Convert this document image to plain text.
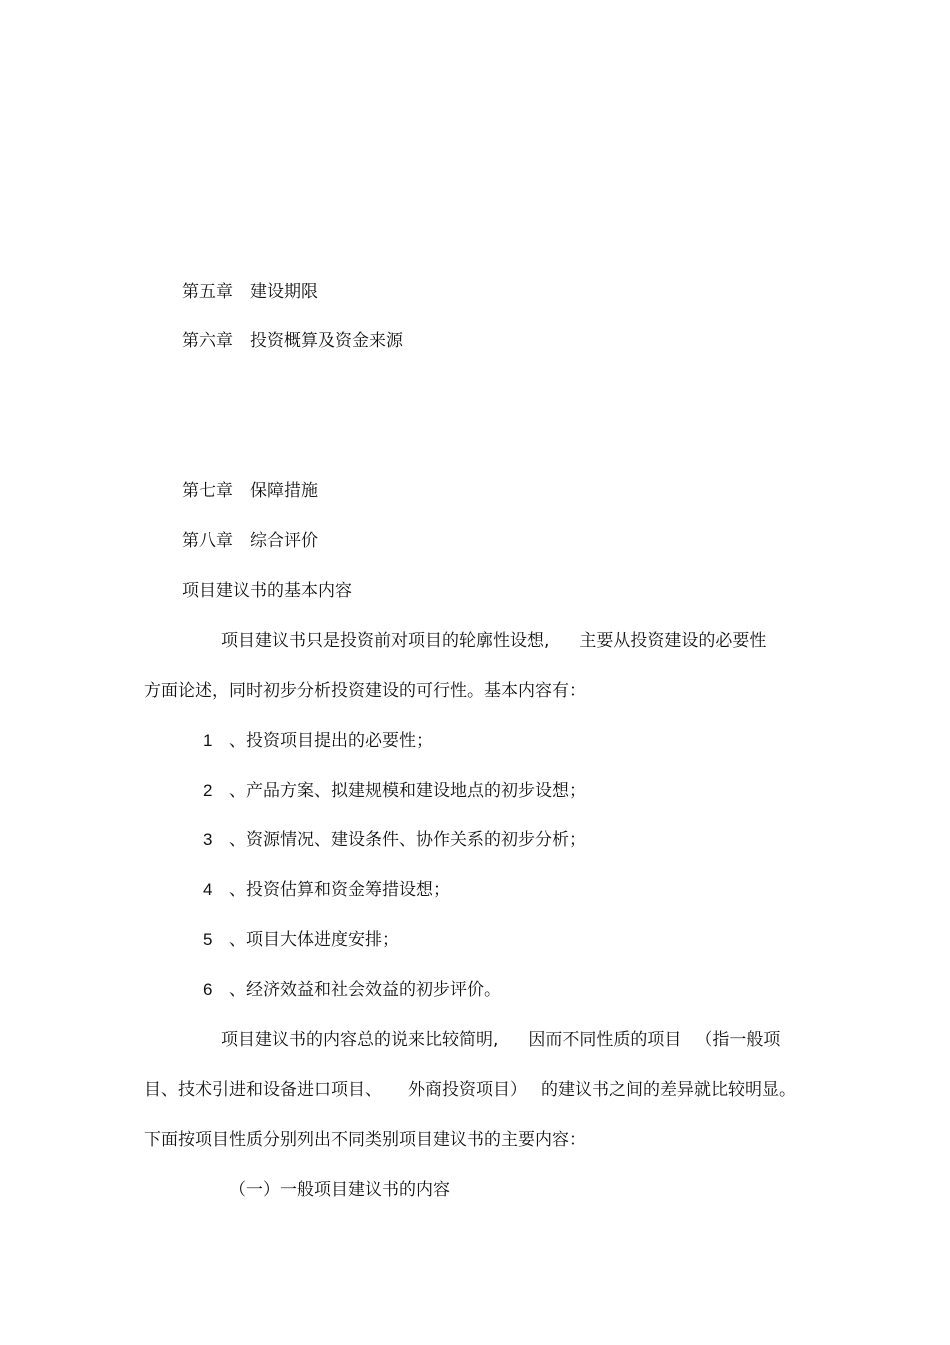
第五章 建设期限
第六章 投资概算及资金来源
第七章 保障措施
第八章 综合评价
项目建议书的基本内容
项目建议书只是投资前对项目的轮廓性设想, 主要从投资建设的必要性
方面论述，同时初步分析投资建设的可行性。基本内容有：
1 、投资项目提出的必要性；
2 、产品方案、拟建规模和建设地点的初步设想；
3 、资源情况、建设条件、协作关系的初步分析；
4 、投资估算和资金筹措设想；
5 、项目大体进度安排；
6 、经济效益和社会效益的初步评价。
项目建议书的内容总的说来比较简明, 因而不同性质的项目 （指一般项
目、技术引进和设备进口项目、 外商投资项目） 的建议书之间的差异就比较明显。
下面按项目性质分别列出不同类别项目建议书的主要内容：
（一）一般项目建议书的内容
